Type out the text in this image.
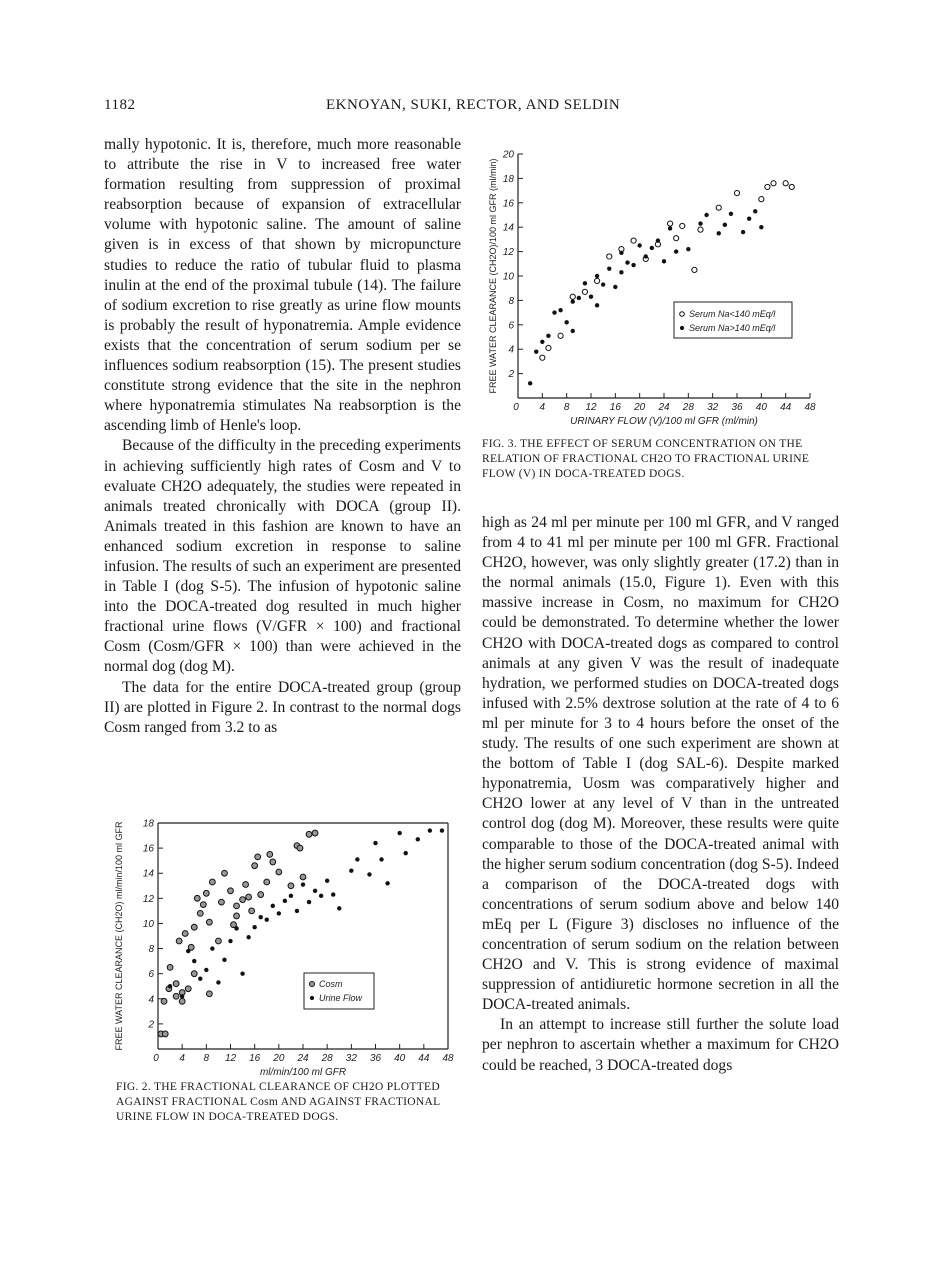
1182	EKNOYAN, SUKI, RECTOR, AND SELDIN

mally hypotonic. It is, therefore, much more reasonable to attribute the rise in V to increased free water formation resulting from suppression of proximal reabsorption because of expansion of extracellular volume with hypotonic saline. The amount of saline given is in excess of that shown by micropuncture studies to reduce the ratio of tubular fluid to plasma inulin at the end of the proximal tubule (14). The failure of sodium excretion to rise greatly as urine flow mounts is probably the result of hyponatremia. Ample evidence exists that the concentration of serum sodium per se influences sodium reabsorption (15). The present studies constitute strong evidence that the site in the nephron where hyponatremia stimulates Na reabsorption is the ascending limb of Henle's loop.

Because of the difficulty in the preceding experiments in achieving sufficiently high rates of Cosm and V to evaluate CH2O adequately, the studies were repeated in animals treated chronically with DOCA (group II). Animals treated in this fashion are known to have an enhanced sodium excretion in response to saline infusion. The results of such an experiment are presented in Table I (dog S-5). The infusion of hypotonic saline into the DOCA-treated dog resulted in much higher fractional urine flows (V/GFR × 100) and fractional Cosm (Cosm/GFR × 100) than were achieved in the normal dog (dog M).

The data for the entire DOCA-treated group (group II) are plotted in Figure 2. In contrast to the normal dogs Cosm ranged from 3.2 to as

high as 24 ml per minute per 100 ml GFR, and V ranged from 4 to 41 ml per minute per 100 ml GFR. Fractional CH2O, however, was only slightly greater (17.2) than in the normal animals (15.0, Figure 1). Even with this massive increase in Cosm, no maximum for CH2O could be demonstrated. To determine whether the lower CH2O with DOCA-treated dogs as compared to control animals at any given V was the result of inadequate hydration, we performed studies on DOCA-treated dogs infused with 2.5% dextrose solution at the rate of 4 to 6 ml per minute for 3 to 4 hours before the onset of the study. The results of one such experiment are shown at the bottom of Table I (dog SAL-6). Despite marked hyponatremia, Uosm was comparatively higher and CH2O lower at any level of V than in the untreated control dog (dog M). Moreover, these results were quite comparable to those of the DOCA-treated animal with the higher serum sodium concentration (dog S-5). Indeed a comparison of the DOCA-treated dogs with concentrations of serum sodium above and below 140 mEq per L (Figure 3) discloses no influence of the concentration of serum sodium on the relation between CH2O and V. This is strong evidence of maximal suppression of antidiuretic hormone secretion in all the DOCA-treated animals.

In an attempt to increase still further the solute load per nephron to ascertain whether a maximum for CH2O could be reached, 3 DOCA-treated dogs

4 8 12 16 20 24 28 32 36 40 44 48
0
2
4
6
8
10
12
14
16
18
20
URINARY FLOW (V)/100 ml GFR (ml/min)
FREE WATER CLEARANCE (CH2O)/100 ml GFR (ml/min)	Serum Na<140 mEq/l
Serum Na>140 mEq/l
FIG. 3. THE EFFECT OF SERUM CONCENTRATION ON THE RELATION OF FRACTIONAL CH2O TO FRACTIONAL URINE FLOW (V) IN DOCA-TREATED DOGS.
4 8 12 16 20 24 28 32 36 40 44 48
0
2
4
6
8
10
12
14
16
18
ml/min/100 ml GFR
FREE WATER CLEARANCE (CH2O) ml/min/100 ml GFR	Cosm
Urine Flow
FIG. 2. THE FRACTIONAL CLEARANCE OF CH2O PLOTTED AGAINST FRACTIONAL Cosm AND AGAINST FRACTIONAL URINE FLOW IN DOCA-TREATED DOGS.
